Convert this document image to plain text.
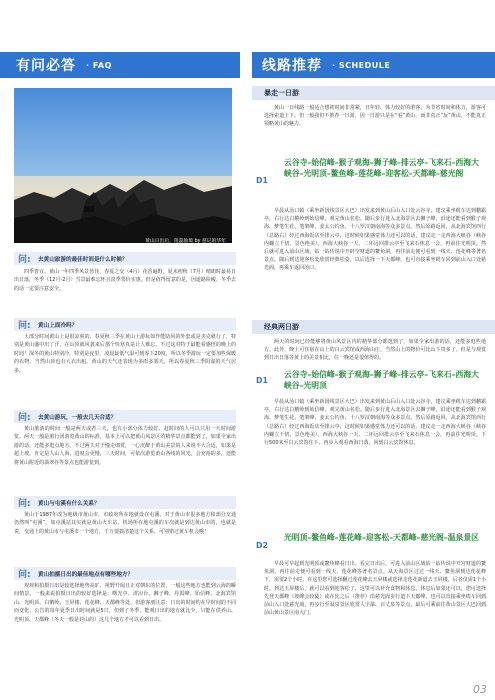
有问必答 · FAQ
黄山日出后，莲蕊仙境 by 慈记的华年
问:	去黄山旅游的最佳时间是什么时候？
四季皆宜。黄山一年四季风景皆佳，春夏之交（4月）花香遍野，夏末初秋（7月）晴朗时最易日出日落，冬季（12月-2月）雪景最难忘怀且淡季票价实惠。但是值得留意的是，因道路险峻，冬季去的话一定要注意安全。
问:	黄山上面冷吗？
大部分时间黄山上是很凉爽的，春夏秋三季在黄山上游玩如作能防风的外套或是夹克就行了，特别是黄山盛中出了汗，在山顶就风袭来后那个恒寒真是让人难忘，不过这对特于最能看感悟的晚上的时间！深冬的黄山特别冷，特别是夜里，凌晨最低气温可到零下20度，所以冬季游玩一定要加些保暖的衣物，当然山顶也有大衣出租。黄山的天气还表现为多雨多雾天，所以春夏秋三季阴湿的天气居多。
问:	去黄山游玩，一般去几天合适？
黄山旅游的时间一般是两天或者三天，也有小部分体力较好、赶时间的人可以只用一天时间游览。两天一般是旅行团游览黄山的标准，基本上可以把黄山风景区的精华景点都能到了，如果全家出游的话，还能多逛点地方。不过两天对于慢走细赏，一心沉醉于黄山美景的人来说不大合适，如果是超上坡，肯定是人山人海，进度会更慢。三天时间，可依次游览黄山各线的风光，会充裕的多，还能将黄山附近的翡翠谷等景点也能游览到。
问:	黄山与屯溪有什么关系？
黄山于1987年改为地级市黄山市，市政府所在地就设在屯溪。对于黄山市很多地方和部分交通仍然叫“屯溪”，如屯溪站其实就是黄山火车站，机场所在地屯溪的车次就是到达黄山市的，也就是说，交通上的黄山市与屯溪市一个地方，千万要搞清楚这个关系，可别错过黄车机会哦！
问:	黄山拍摄日出的最佳地点有哪些地方？
观观和拍摄日出是较选择地势高旷、视野开阔且正对朝东的位置，一般这些地方也能到云海的瞬间情景。一般来说拍摄日出的较好选择是：曙光亭、清凉台、狮子峰、丹霞峰、始信峰、北海宾馆山、光明顶、白鹅岭、玉屏楼、莲花峰、天都峰等处。但游客朋汪意：日出的时间约在早时间的不同而变化，公告的每年夏季日出时间就是5日，但到了冬季、能观日出的地方就比少，只能在供养山、光明顶、天都峰（冬天一般是封山的）这几个地方才可以看到日出。
线路推荐 · SCHEDULE
暴走一日游
黄山一日线路一般适合想初时间非常紧，且年轻、体力较好的游客。为节省时间和体力，游客可选择索道上下。但一般我们不推荐一日游，因一日游只是在“看”黄山，而非真正“玩”黄山，不能真正领略黄山的魅力。
D1
云谷寺–始信峰–猴子观海–狮子峰–排云亭–飞来石–西海大峡谷–光明顶–鳌鱼峰–莲花峰–迎客松–天都峰–慈光阁
早晨从汤口镇（乘坐新国线景区大巴）出发来到黄山后山入口处云谷寺，建议乘坐缆车达到鹏霸亭，右行达白鹅岭到始信峰，观完黄山名松。随后步行进入北海景区去狮子峰，沿途还能看到猴子观海、梦笔生花、笔架峰、姜太公钓鱼、十八罗汉朝南海等众多景点。然后原路返回，从北海宾馆西行（总路右）经过西海饭店至排云亭，这时候如果感觉体力还可以的话，建议走一走西海大峡谷（峡谷内螺立千仞，景色绝美）。西海大峡谷一天、二坏远回排云亭至飞来石休息一会，再前往光明顶。然后就可进入前山区域，钻一钻传说中开辟空财道的鳌鱼洞，再往前走便可看到一线天、莲花峰等著名景点。随后到达迎客松处欣赏经典松姿，以后选择一下天都峰，也可直接乘坐缆车回到前山入口处慈光阁，再乘车返回汤口。
经典两日游
两天的时间已经能够将黄山风景区内的精华部分都逛到了，如果全家出游的话，还能多逛些地方。此外，晚上可住宿在山上的白云宾馆或西海山庄，当然山上的物价可比山下贵多了。但是与观赏到日出日落等黄上的美景相比，住一晚还是很值得的。
D1
云谷寺–始信峰–猴子观海–狮子峰–排云亭–飞来石–西海大峡谷–光明顶
早晨从汤口镇（乘坐新国线景区大巴）出发来到黄山后山入口处云谷寺，建议乘坐缆车达到鹏霸亭，右行达白鹅岭到始信峰，观完黄山名松。随后步行进入北海景区去狮子峰，沿途还能看到猴子观海、梦笔生花、笔架峰、姜太公钓鱼、十八罗汉朝南海等众多景点。然后原路返回，从北海宾馆西行（总路右）经过西海饭店至排云亭，这时候如果感觉体力还可以的话，建议走一走西海大峡谷（峡谷内螺立千仞，景色绝美）。西海大峡谷一天、二坏远回排云亭至飞来石休息一会，再前往光明顶。下行500米至白云宾馆住下，再步入观看西海日落，回到白云宾馆休息。
D2
光明顶–鳌鱼峰–莲花峰–迎客松–天都峰–慈光阁–温泉景区
早晨可早起到光明顶或鳌鱼峰看日出。看完日出后，可进入前山区域钻一钻传说中开宫财道的鳌鱼洞，再往前走便可看到一线天、莲花峰等著名景点。从天海景区过过一线天、鳌鱼洞到达莲花峰下，需要2个小时。在这里您可选择翻过莲花峰去玉屏楼或选择走莲花新道去玉屏楼，后者仅需1个小时。到达玉屏楼后，就可以看到迎客松了，这里可以补充食物和休息。休息后如果还可以，您可选择先登天都峰（坡峰会较陡）或在比之后（推荐）沿慈光阁步行道下天都峰，也可以直接乘坐缆车回到前山入口处慈光阁，再步行至温泉景区欣赏人字瀑、百丈泉等景点，最后可乘前往黄山景区大巴回到前山黄山景区南大门。
03
